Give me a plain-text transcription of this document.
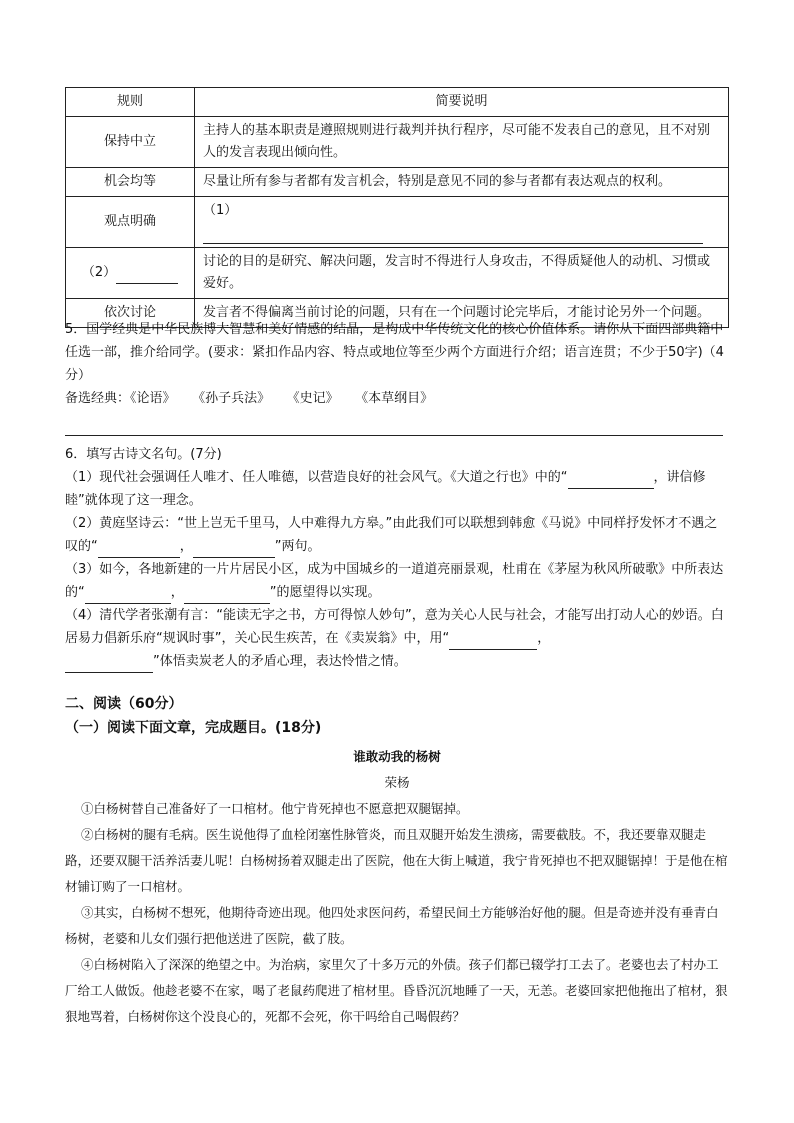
规则	简要说明
保持中立	主持人的基本职责是遵照规则进行裁判并执行程序，尽可能不发表自己的意见，且不对别人的发言表现出倾向性。
机会均等	尽量让所有参与者都有发言机会，特别是意见不同的参与者都有表达观点的权利。
观点明确	（1）
（2）	讨论的目的是研究、解决问题，发言时不得进行人身攻击，不得质疑他人的动机、习惯或爱好。
依次讨论	发言者不得偏离当前讨论的问题，只有在一个问题讨论完毕后，才能讨论另外一个问题。
5．国学经典是中华民族博大智慧和美好情感的结晶，是构成中华传统文化的核心价值体系。请你从下面四部典籍中任选一部，推介给同学。(要求：紧扣作品内容、特点或地位等至少两个方面进行介绍；语言连贯；不少于50字)（4分）
备选经典：《论语》 《孙子兵法》 《史记》 《本草纲目》
6．填写古诗文名句。(7分)
（1）现代社会强调任人唯才、任人唯德，以营造良好的社会风气。《大道之行也》中的“	，讲信修睦”就体现了这一理念。
（2）黄庭坚诗云：“世上岂无千里马，人中难得九方皋。”由此我们可以联想到韩愈《马说》中同样抒发怀才不遇之叹的“	，	”两句。
（3）如今，各地新建的一片片居民小区，成为中国城乡的一道道亮丽景观，杜甫在《茅屋为秋风所破歌》中所表达的“	，	”的愿望得以实现。
（4）清代学者张潮有言：“能读无字之书，方可得惊人妙句”，意为关心人民与社会，才能写出打动人心的妙语。白居易力倡新乐府“规讽时事”，关心民生疾苦，在《卖炭翁》中，用“	，
”体悟卖炭老人的矛盾心理，表达怜惜之情。
二、阅读（60分）
（一）阅读下面文章，完成题目。(18分)
谁敢动我的杨树
荣杨
①白杨树替自己准备好了一口棺材。他宁肯死掉也不愿意把双腿锯掉。
②白杨树的腿有毛病。医生说他得了血栓闭塞性脉管炎，而且双腿开始发生溃疡，需要截肢。不，我还要靠双腿走路，还要双腿干活养活妻儿呢！白杨树扬着双腿走出了医院，他在大街上喊道，我宁肯死掉也不把双腿锯掉！于是他在棺材铺订购了一口棺材。
③其实，白杨树不想死，他期待奇迹出现。他四处求医问药，希望民间土方能够治好他的腿。但是奇迹并没有垂青白杨树，老婆和儿女们强行把他送进了医院，截了肢。
④白杨树陷入了深深的绝望之中。为治病，家里欠了十多万元的外债。孩子们都已辍学打工去了。老婆也去了村办工厂给工人做饭。他趁老婆不在家，喝了老鼠药爬进了棺材里。昏昏沉沉地睡了一天，无恙。老婆回家把他拖出了棺材，狠狠地骂着，白杨树你这个没良心的，死都不会死，你干吗给自己喝假药？
